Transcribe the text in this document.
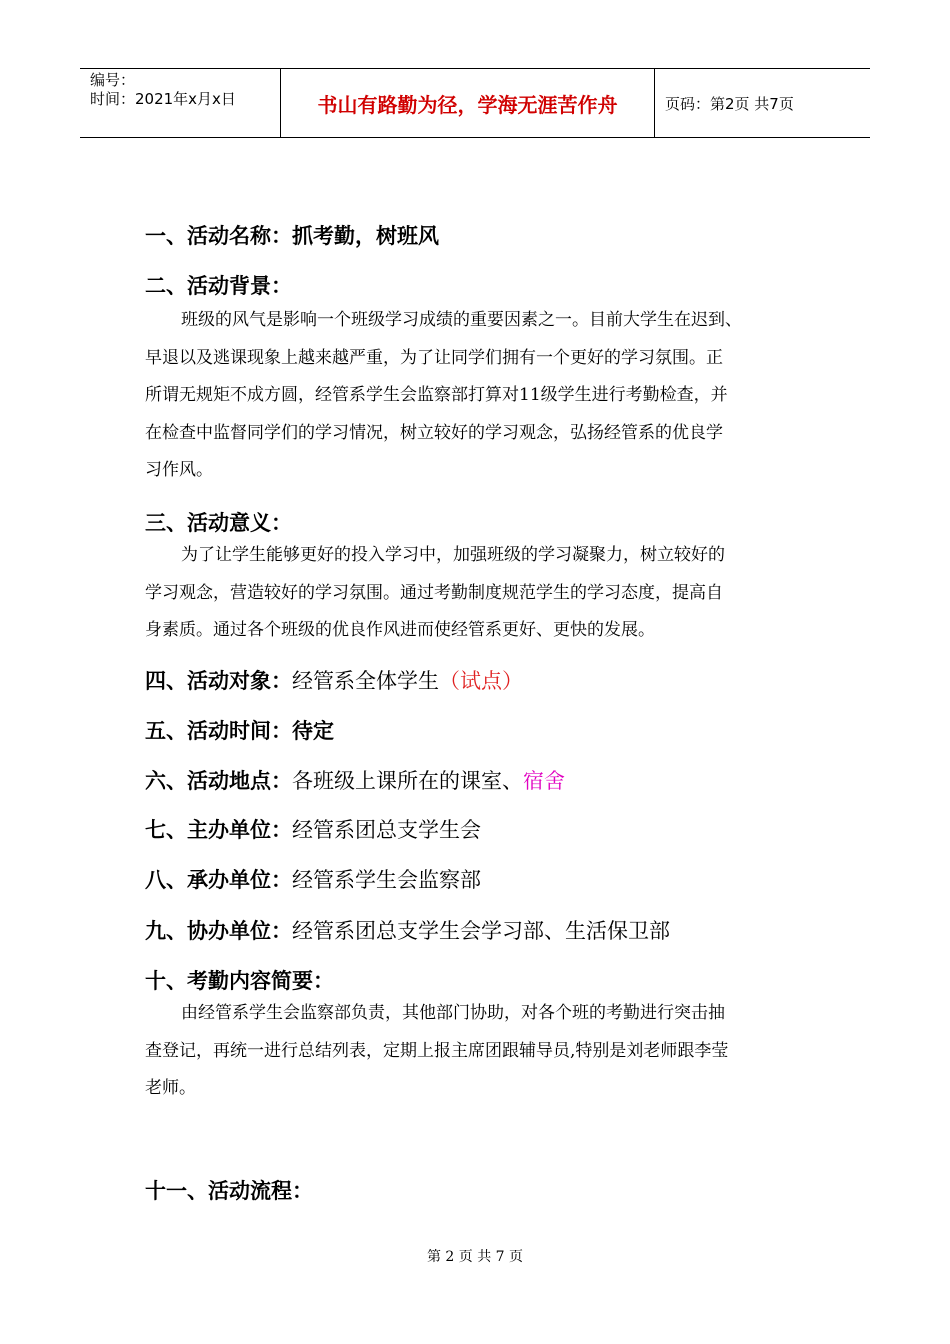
编号：
时间：2021年x月x日	书山有路勤为径，学海无涯苦作舟	页码：第2页 共7页
一、活动名称：抓考勤，树班风
二、活动背景：
班级的风气是影响一个班级学习成绩的重要因素之一。目前大学生在迟到、
早退以及逃课现象上越来越严重，为了让同学们拥有一个更好的学习氛围。正
所谓无规矩不成方圆，经管系学生会监察部打算对11级学生进行考勤检查，并
在检查中监督同学们的学习情况，树立较好的学习观念，弘扬经管系的优良学
习作风。
三、活动意义：
为了让学生能够更好的投入学习中，加强班级的学习凝聚力，树立较好的
学习观念，营造较好的学习氛围。通过考勤制度规范学生的学习态度，提高自
身素质。通过各个班级的优良作风进而使经管系更好、更快的发展。
四、活动对象：经管系全体学生（试点）
五、活动时间：待定
六、活动地点：各班级上课所在的课室、宿舍
七、主办单位：经管系团总支学生会
八、承办单位：经管系学生会监察部
九、协办单位：经管系团总支学生会学习部、生活保卫部
十、考勤内容简要：
由经管系学生会监察部负责，其他部门协助，对各个班的考勤进行突击抽
查登记，再统一进行总结列表，定期上报主席团跟辅导员,特别是刘老师跟李莹
老师。
十一、活动流程：
第 2 页 共 7 页
